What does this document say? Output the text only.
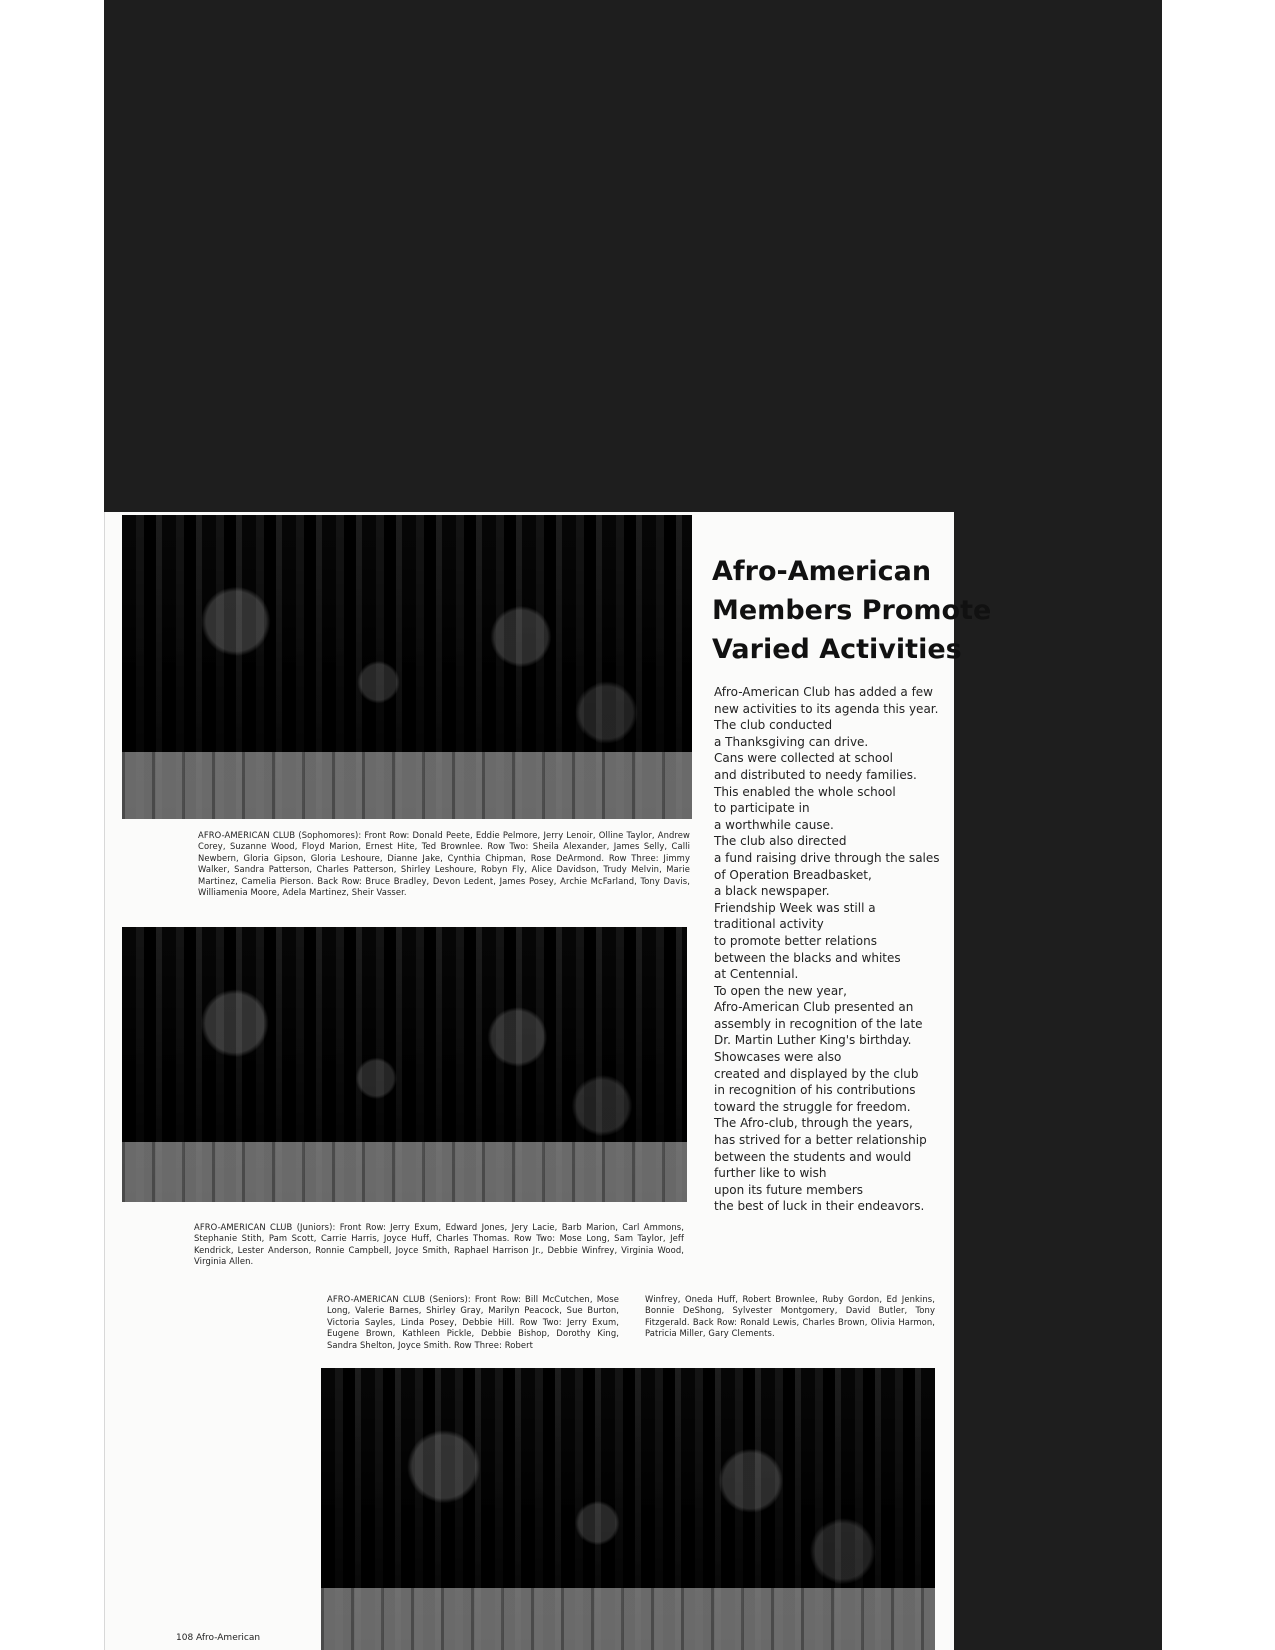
AFRO-AMERICAN CLUB (Sophomores): Front Row: Donald Peete, Eddie Pelmore, Jerry Lenoir, Olline Taylor, Andrew Corey, Suzanne Wood, Floyd Marion, Ernest Hite, Ted Brownlee. Row Two: Sheila Alexander, James Selly, Calli Newbern, Gloria Gipson, Gloria Leshoure, Dianne Jake, Cynthia Chipman, Rose DeArmond. Row Three: Jimmy Walker, Sandra Patterson, Charles Patterson, Shirley Leshoure, Robyn Fly, Alice Davidson, Trudy Melvin, Marie Martinez, Camelia Pierson. Back Row: Bruce Bradley, Devon Ledent, James Posey, Archie McFarland, Tony Davis, Williamenia Moore, Adela Martinez, Sheir Vasser.
AFRO-AMERICAN CLUB (Juniors): Front Row: Jerry Exum, Edward Jones, Jery Lacie, Barb Marion, Carl Ammons, Stephanie Stith, Pam Scott, Carrie Harris, Joyce Huff, Charles Thomas. Row Two: Mose Long, Sam Taylor, Jeff Kendrick, Lester Anderson, Ronnie Campbell, Joyce Smith, Raphael Harrison Jr., Debbie Winfrey, Virginia Wood, Virginia Allen.
AFRO-AMERICAN CLUB (Seniors): Front Row: Bill McCutchen, Mose Long, Valerie Barnes, Shirley Gray, Marilyn Peacock, Sue Burton, Victoria Sayles, Linda Posey, Debbie Hill. Row Two: Jerry Exum, Eugene Brown, Kathleen Pickle, Debbie Bishop, Dorothy King, Sandra Shelton, Joyce Smith. Row Three: Robert
Winfrey, Oneda Huff, Robert Brownlee, Ruby Gordon, Ed Jenkins, Bonnie DeShong, Sylvester Montgomery, David Butler, Tony Fitzgerald. Back Row: Ronald Lewis, Charles Brown, Olivia Harmon, Patricia Miller, Gary Clements.
Afro-American
Members Promote
Varied Activities
Afro-American Club has added a few
new activities to its agenda this year.
The club conducted
a Thanksgiving can drive.
Cans were collected at school
and distributed to needy families.
This enabled the whole school
to participate in
a worthwhile cause.
The club also directed
a fund raising drive through the sales
of Operation Breadbasket,
a black newspaper.
Friendship Week was still a
traditional activity
to promote better relations
between the blacks and whites
at Centennial.
To open the new year,
Afro-American Club presented an
assembly in recognition of the late
Dr. Martin Luther King's birthday.
Showcases were also
created and displayed by the club
in recognition of his contributions
toward the struggle for freedom.
The Afro-club, through the years,
has strived for a better relationship
between the students and would
further like to wish
upon its future members
the best of luck in their endeavors.
108 Afro-American
